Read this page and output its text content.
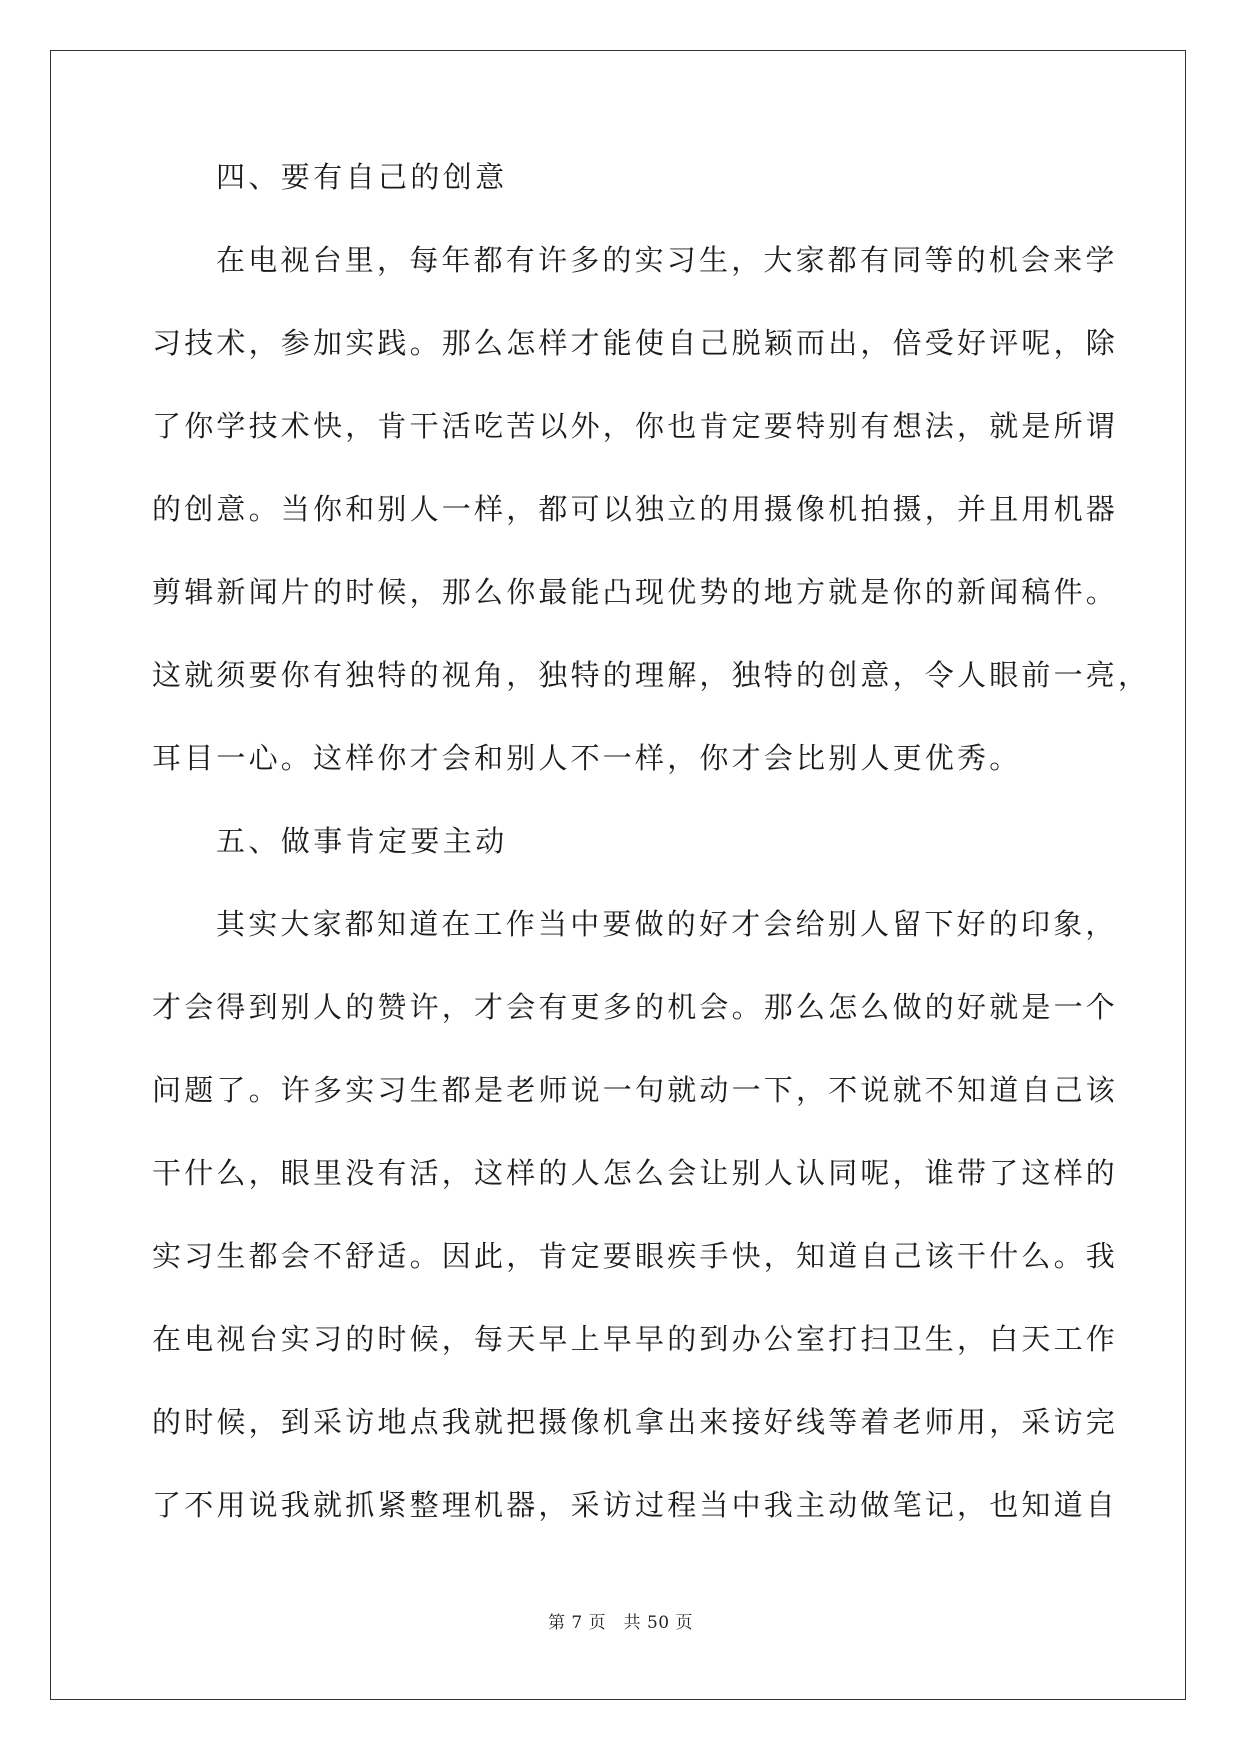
四、要有自己的创意
在电视台里，每年都有许多的实习生，大家都有同等的机会来学
习技术，参加实践。那么怎样才能使自己脱颖而出，倍受好评呢，除
了你学技术快，肯干活吃苦以外，你也肯定要特别有想法，就是所谓
的创意。当你和别人一样，都可以独立的用摄像机拍摄，并且用机器
剪辑新闻片的时候，那么你最能凸现优势的地方就是你的新闻稿件。
这就须要你有独特的视角，独特的理解，独特的创意，令人眼前一亮，
耳目一心。这样你才会和别人不一样，你才会比别人更优秀。
五、做事肯定要主动
其实大家都知道在工作当中要做的好才会给别人留下好的印象，
才会得到别人的赞许，才会有更多的机会。那么怎么做的好就是一个
问题了。许多实习生都是老师说一句就动一下，不说就不知道自己该
干什么，眼里没有活，这样的人怎么会让别人认同呢，谁带了这样的
实习生都会不舒适。因此，肯定要眼疾手快，知道自己该干什么。我
在电视台实习的时候，每天早上早早的到办公室打扫卫生，白天工作
的时候，到采访地点我就把摄像机拿出来接好线等着老师用，采访完
了不用说我就抓紧整理机器，采访过程当中我主动做笔记，也知道自
第 7 页　共 50 页
